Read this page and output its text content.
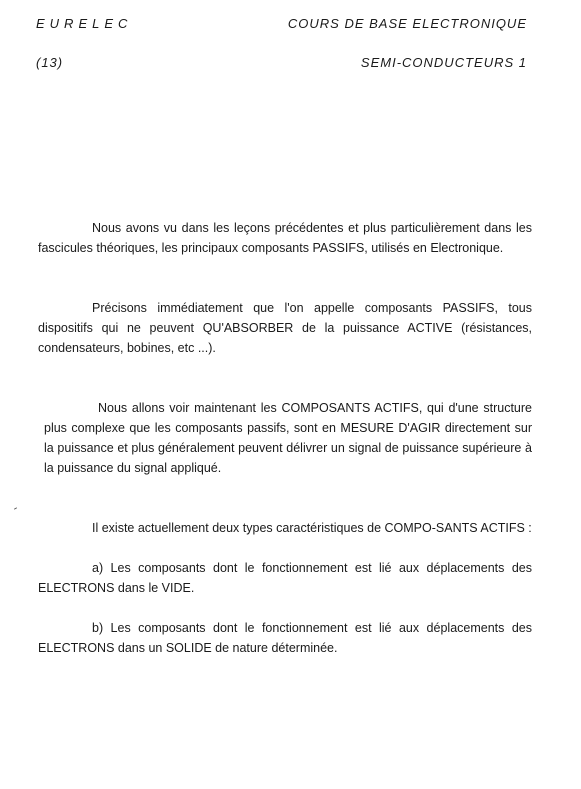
EURELEC	COURS DE BASE ELECTRONIQUE
(13)	SEMI-CONDUCTEURS 1

Nous avons vu dans les leçons précédentes et plus particulièrement dans les fascicules théoriques, les principaux composants PASSIFS, utilisés en Electronique.

Précisons immédiatement que l'on appelle composants PASSIFS, tous dispositifs qui ne peuvent QU'ABSORBER de la puissance ACTIVE (résistances, condensateurs, bobines, etc ...).

Nous allons voir maintenant les COMPOSANTS ACTIFS, qui d'une structure plus complexe que les composants passifs, sont en MESURE D'AGIR directement sur la puissance et plus généralement peuvent délivrer un signal de puissance supérieure à la puissance du signal appliqué.

Il existe actuellement deux types caractéristiques de COMPO-SANTS ACTIFS :

a) Les composants dont le fonctionnement est lié aux déplacements des ELECTRONS dans le VIDE.

b) Les composants dont le fonctionnement est lié aux déplacements des ELECTRONS dans un SOLIDE de nature déterminée.
